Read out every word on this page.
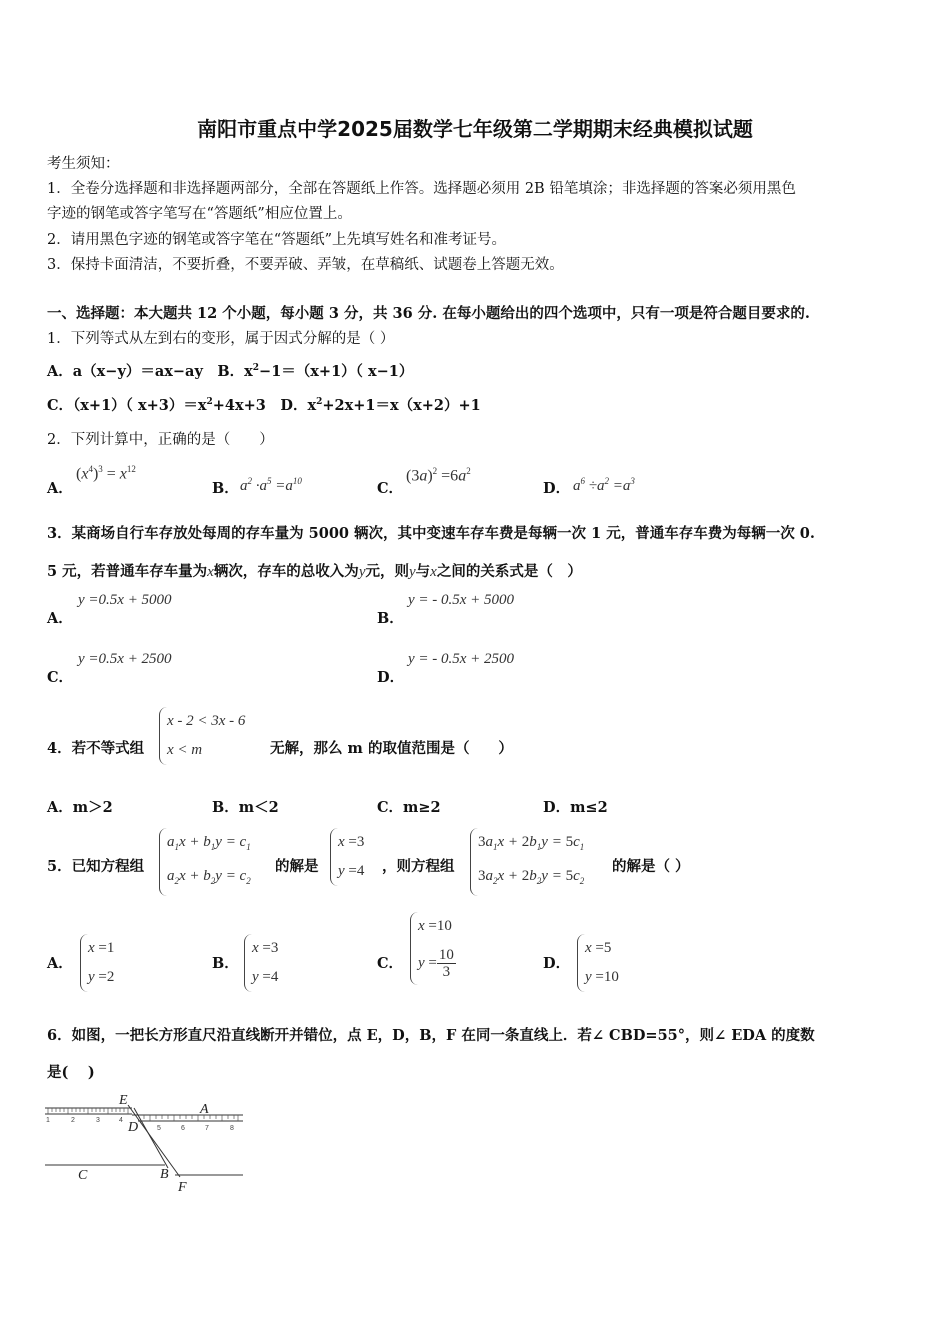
南阳市重点中学2025届数学七年级第二学期期末经典模拟试题
考生须知：
1．全卷分选择题和非选择题两部分，全部在答题纸上作答。选择题必须用 2B 铅笔填涂；非选择题的答案必须用黑色
字迹的钢笔或答字笔写在“答题纸”相应位置上。
2．请用黑色字迹的钢笔或答字笔在“答题纸”上先填写姓名和准考证号。
3．保持卡面清洁，不要折叠，不要弄破、弄皱，在草稿纸、试题卷上答题无效。
一、选择题：本大题共 12 个小题，每小题 3 分，共 36 分. 在每小题给出的四个选项中，只有一项是符合题目要求的.
1．下列等式从左到右的变形，属于因式分解的是（ ）
A．a（x−y）＝ax−ay　B．$x^2-1=(x+1)$（ x−1）
C．（x+1）（ $x+3)=x^2+4x+3$　D．$x^2+2x+1=x(x+2)+1$
2．下列计算中，正确的是（　　）
A．
$(x^4)^3 = x^{12}$
B． $a^2 \cdot a^5 =a^{10}$	C．
$(3a)^2 =6a^2$
D． $a^6 \div a^2 =a^3$
3．某商场自行车存放处每周的存车量为 5000 辆次，其中变速车存车费是每辆一次 1 元，普通车存车费为每辆一次 0.
5 元，若普通车存车量为x辆次，存车的总收入为y元，则y与x之间的关系式是（　）
A．
y =0.5x + 5000
B．
y = - 0.5x + 5000
C．
y =0.5x + 2500
D．
y = - 0.5x + 2500
4．若不等式组
x - 2 < 3x - 6
x < m	无解，那么 m 的取值范围是（　　）
A．m＞2	B．m＜2	C．m≥2	D．m≤2
5．已知方程组
$a_1x + b_1y = c_1$
$a_2x + b_2y = c_2$
的解是
x =3
y =4 ，则方程组
$3a_1x + 2b_1y = 5c_1$
$3a_2x + 2b_2y = 5c_2$
的解是（ ）
A．
x =1
y =2
B．
x =3
y =4
C．
x =10
$y = \frac{10}{3}$	D．
x =5
y =10
6．如图，一把长方形直尺沿直线断开并错位，点 E，D，B，F 在同一条直线上．若∠ CBD=55°，则∠ EDA 的度数
是(　 )
1	2	3	4
5	6	7	8
E
A
D
C	B
F
